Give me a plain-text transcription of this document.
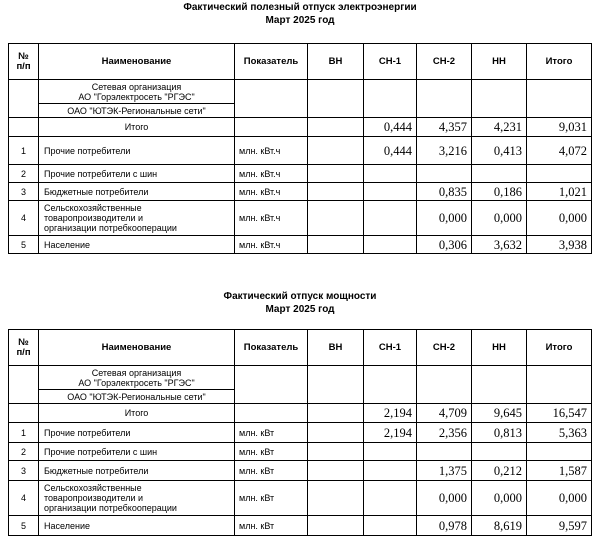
Фактический полезный отпуск электроэнергии
Март 2025 год
№
п/п	Наименование	Показатель	ВН	СН-1	СН-2	НН	Итого

	Сетевая организация
АО "Горэлектросеть "РГЭС"						

	ОАО "ЮТЭК-Региональные сети"						
	Итого			0,444	4,357	4,231	9,031
1	Прочие потребители	млн. кВт.ч		0,444	3,216	0,413	4,072
2	Прочие потребители с шин	млн. кВт.ч					
3	Бюджетные потребители	млн. кВт.ч			0,835	0,186	1,021
4	Сельскохозяйственные
товаропроизводители и
организации потребкооперации	млн. кВт.ч			0,000	0,000	0,000
5	Население	млн. кВт.ч			0,306	3,632	3,938
Фактический отпуск мощности
Март 2025 год
№
п/п	Наименование	Показатель	ВН	СН-1	СН-2	НН	Итого

	Сетевая организация
АО "Горэлектросеть "РГЭС"						

	ОАО "ЮТЭК-Региональные сети"						
	Итого			2,194	4,709	9,645	16,547
1	Прочие потребители	млн. кВт		2,194	2,356	0,813	5,363
2	Прочие потребители с шин	млн. кВт					
3	Бюджетные потребители	млн. кВт			1,375	0,212	1,587
4	Сельскохозяйственные
товаропроизводители и
организации потребкооперации	млн. кВт			0,000	0,000	0,000
5	Население	млн. кВт			0,978	8,619	9,597
